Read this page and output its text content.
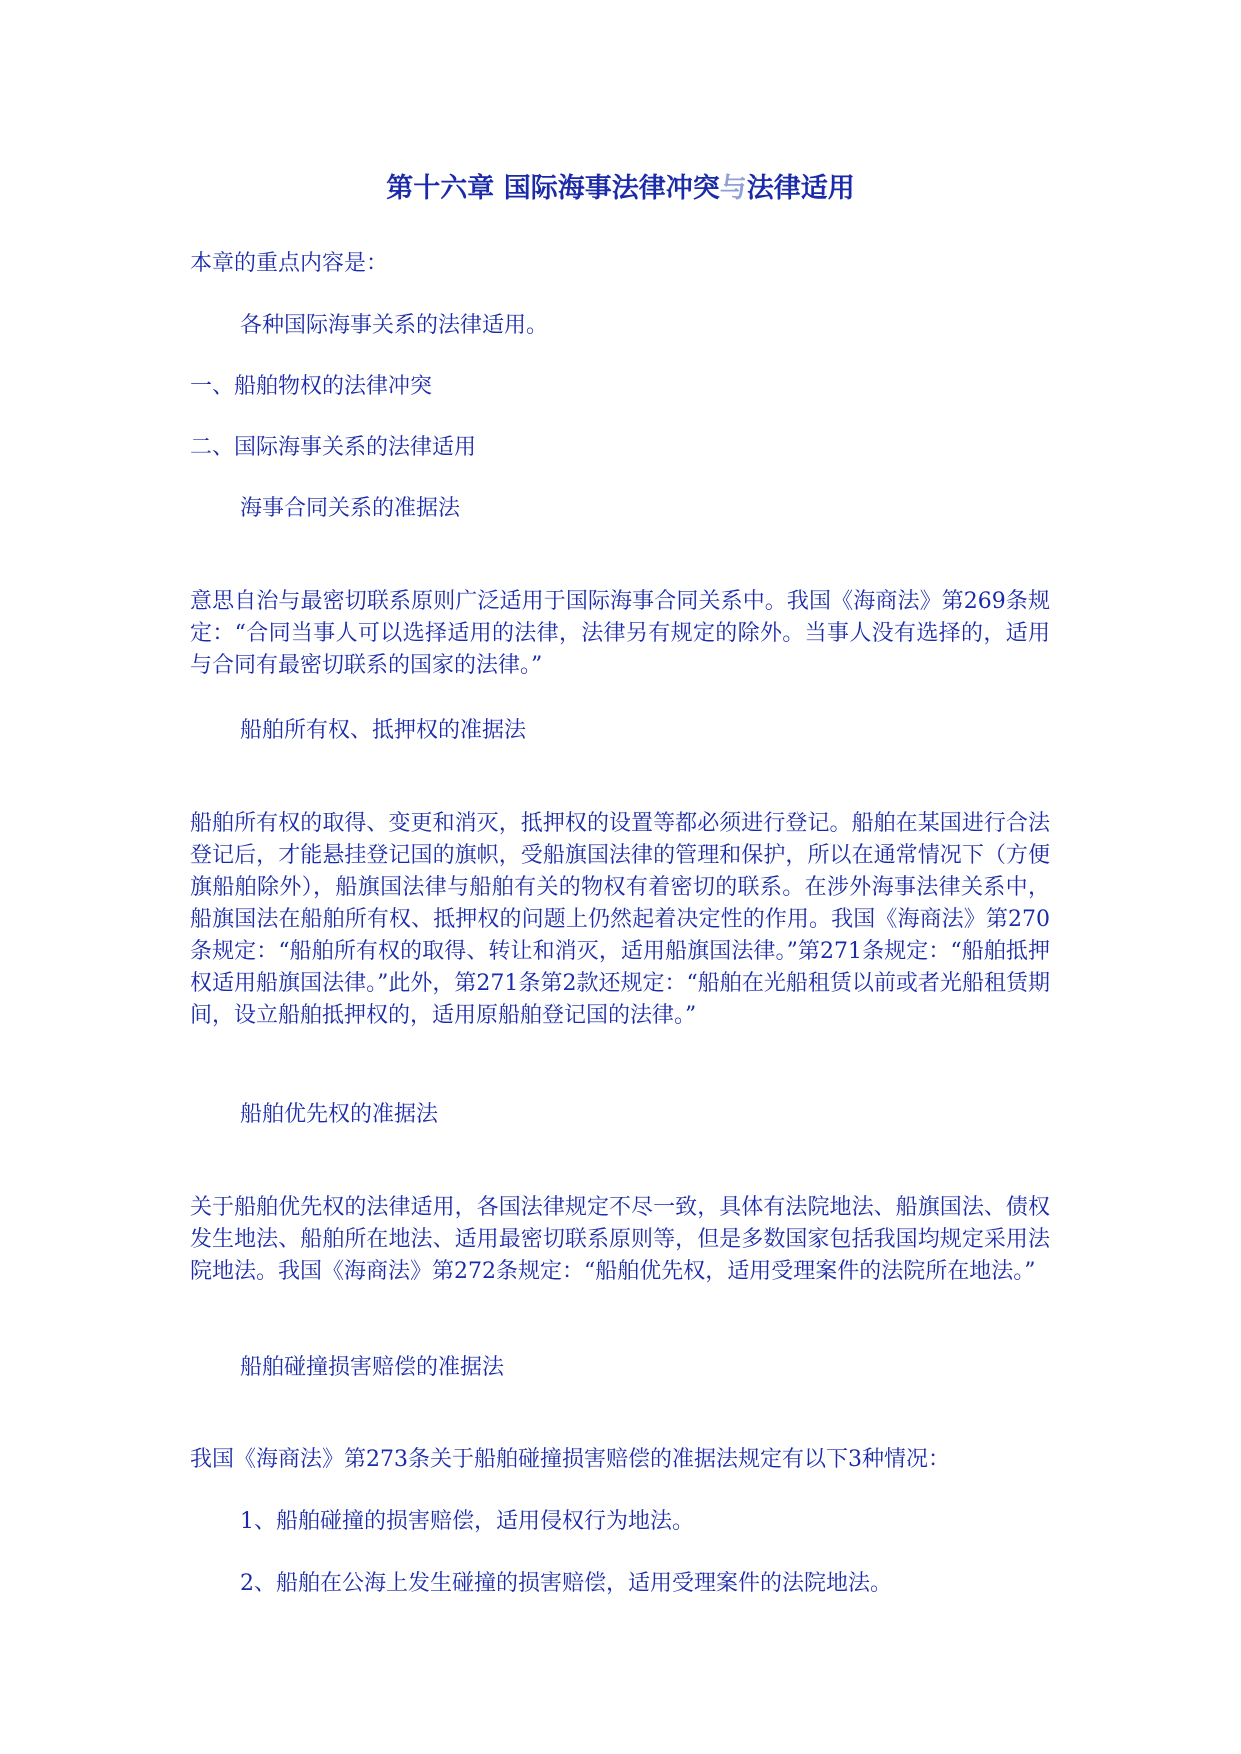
第十六章 国际海事法律冲突与法律适用
本章的重点内容是：
各种国际海事关系的法律适用。
一、船舶物权的法律冲突
二、国际海事关系的法律适用
海事合同关系的准据法
意思自治与最密切联系原则广泛适用于国际海事合同关系中。我国《海商法》第269条规定：“合同当事人可以选择适用的法律，法律另有规定的除外。当事人没有选择的，适用与合同有最密切联系的国家的法律。”
船舶所有权、抵押权的准据法
船舶所有权的取得、变更和消灭，抵押权的设置等都必须进行登记。船舶在某国进行合法登记后，才能悬挂登记国的旗帜，受船旗国法律的管理和保护，所以在通常情况下（方便旗船舶除外），船旗国法律与船舶有关的物权有着密切的联系。在涉外海事法律关系中，船旗国法在船舶所有权、抵押权的问题上仍然起着决定性的作用。我国《海商法》第270条规定：“船舶所有权的取得、转让和消灭，适用船旗国法律。”第271条规定：“船舶抵押权适用船旗国法律。”此外，第271条第2款还规定：“船舶在光船租赁以前或者光船租赁期间，设立船舶抵押权的，适用原船舶登记国的法律。”
船舶优先权的准据法
关于船舶优先权的法律适用，各国法律规定不尽一致，具体有法院地法、船旗国法、债权发生地法、船舶所在地法、适用最密切联系原则等，但是多数国家包括我国均规定采用法院地法。我国《海商法》第272条规定：“船舶优先权，适用受理案件的法院所在地法。”
船舶碰撞损害赔偿的准据法
我国《海商法》第273条关于船舶碰撞损害赔偿的准据法规定有以下3种情况：
1、船舶碰撞的损害赔偿，适用侵权行为地法。
2、船舶在公海上发生碰撞的损害赔偿，适用受理案件的法院地法。
